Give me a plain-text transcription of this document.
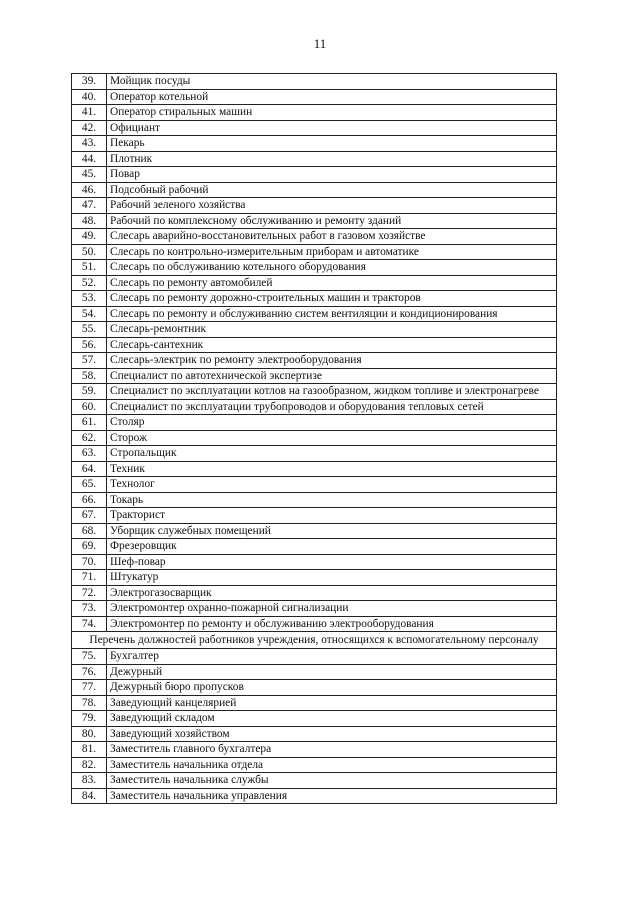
11
39.	Мойщик посуды
40.	Оператор котельной
41.	Оператор стиральных машин
42.	Официант
43.	Пекарь
44.	Плотник
45.	Повар
46.	Подсобный рабочий
47.	Рабочий зеленого хозяйства
48.	Рабочий по комплексному обслуживанию и ремонту зданий
49.	Слесарь аварийно-восстановительных работ в газовом хозяйстве
50.	Слесарь по контрольно-измерительным приборам и автоматике
51.	Слесарь по обслуживанию котельного оборудования
52.	Слесарь по ремонту автомобилей
53.	Слесарь по ремонту дорожно-строительных машин и тракторов
54.	Слесарь по ремонту и обслуживанию систем вентиляции и кондиционирования
55.	Слесарь-ремонтник
56.	Слесарь-сантехник
57.	Слесарь-электрик по ремонту электрооборудования
58.	Специалист по автотехнической экспертизе
59.	Специалист по эксплуатации котлов на газообразном, жидком топливе и электронагреве
60.	Специалист по эксплуатации трубопроводов и оборудования тепловых сетей
61.	Столяр
62.	Сторож
63.	Стропальщик
64.	Техник
65.	Технолог
66.	Токарь
67.	Тракторист
68.	Уборщик служебных помещений
69.	Фрезеровщик
70.	Шеф-повар
71.	Штукатур
72.	Электрогазосварщик
73.	Электромонтер охранно-пожарной сигнализации
74.	Электромонтер по ремонту и обслуживанию электрооборудования
Перечень должностей работников учреждения, относящихся к вспомогательному персоналу	
75.	Бухгалтер
76.	Дежурный
77.	Дежурный бюро пропусков
78.	Заведующий канцелярией
79.	Заведующий складом
80.	Заведующий хозяйством
81.	Заместитель главного бухгалтера
82.	Заместитель начальника отдела
83.	Заместитель начальника службы
84.	Заместитель начальника управления
